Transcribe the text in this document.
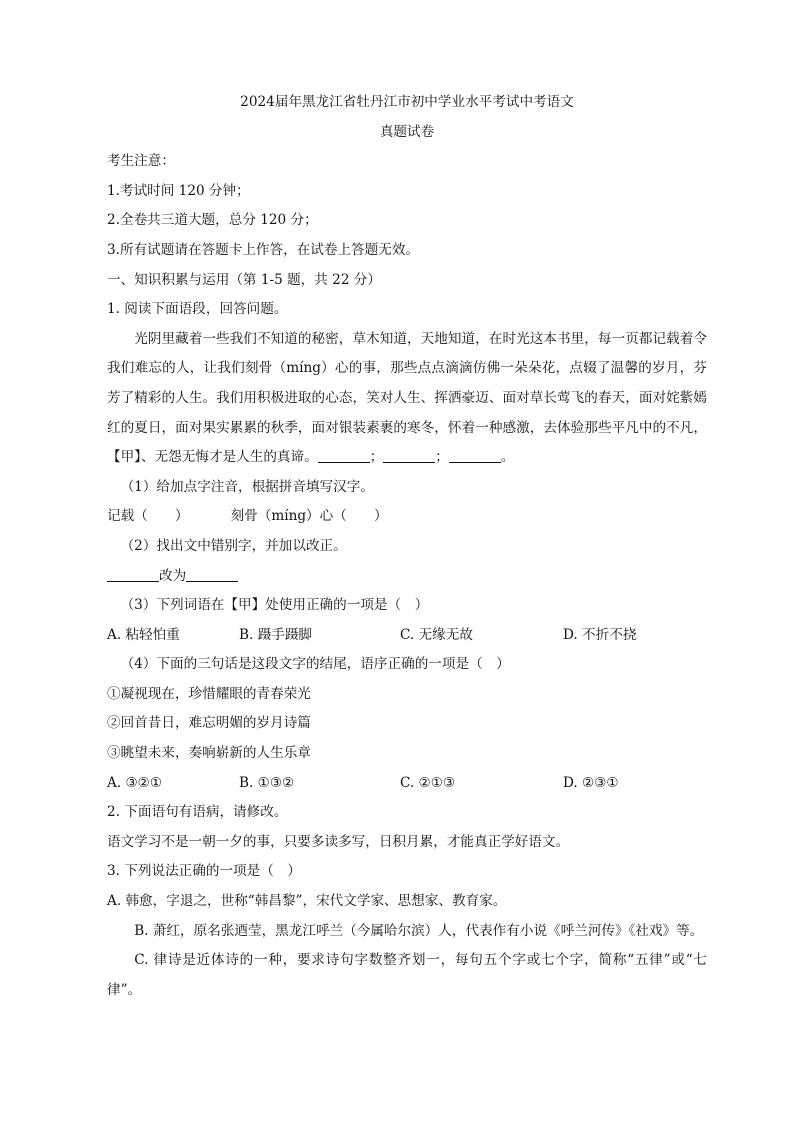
2024届年黑龙江省牡丹江市初中学业水平考试中考语文

真题试卷

考生注意：

1.考试时间 120 分钟；

2.全卷共三道大题，总分 120 分；

3.所有试题请在答题卡上作答，在试卷上答题无效。

一、知识积累与运用（第 1-5 题，共 22 分）

1. 阅读下面语段，回答问题。

光阴里藏着一些我们不知道的秘密，草木知道，天地知道，在时光这本书里，每一页都记载着令我们难忘的人，让我们刻骨（míng）心的事，那些点点滴滴仿佛一朵朵花，点辍了温馨的岁月，芬芳了精彩的人生。我们用积极进取的心态，笑对人生、挥洒豪迈、面对草长莺飞的春天，面对姹紫嫣红的夏日，面对果实累累的秋季，面对银装素裹的寒冬，怀着一种感激，去体验那些平凡中的不凡，【甲】、无怨无悔才是人生的真谛。	；	；	。

（1）给加点字注音，根据拼音填写汉字。

记载（　　）	刻骨（míng）心（　　）

（2）找出文中错别字，并加以改正。

改为

（3）下列词语在【甲】处使用正确的一项是（　）

A. 粘轻怕重	B. 蹑手蹑脚	C. 无缘无故	D. 不折不挠

（4）下面的三句话是这段文字的结尾，语序正确的一项是（　）

①凝视现在，珍惜耀眼的青春荣光

②回首昔日，难忘明媚的岁月诗篇

③眺望未来，奏响崭新的人生乐章

A. ③②①	B. ①③②	C. ②①③	D. ②③①

2. 下面语句有语病，请修改。

语文学习不是一朝一夕的事，只要多读多写，日积月累，才能真正学好语文。

3. 下列说法正确的一项是（　）

A. 韩愈，字退之，世称“韩昌黎”，宋代文学家、思想家、教育家。

B. 萧红，原名张迺莹，黑龙江呼兰（今属哈尔滨）人，代表作有小说《呼兰河传》《社戏》等。

C. 律诗是近体诗的一种，要求诗句字数整齐划一，每句五个字或七个字，简称“五律”或“七律”。
